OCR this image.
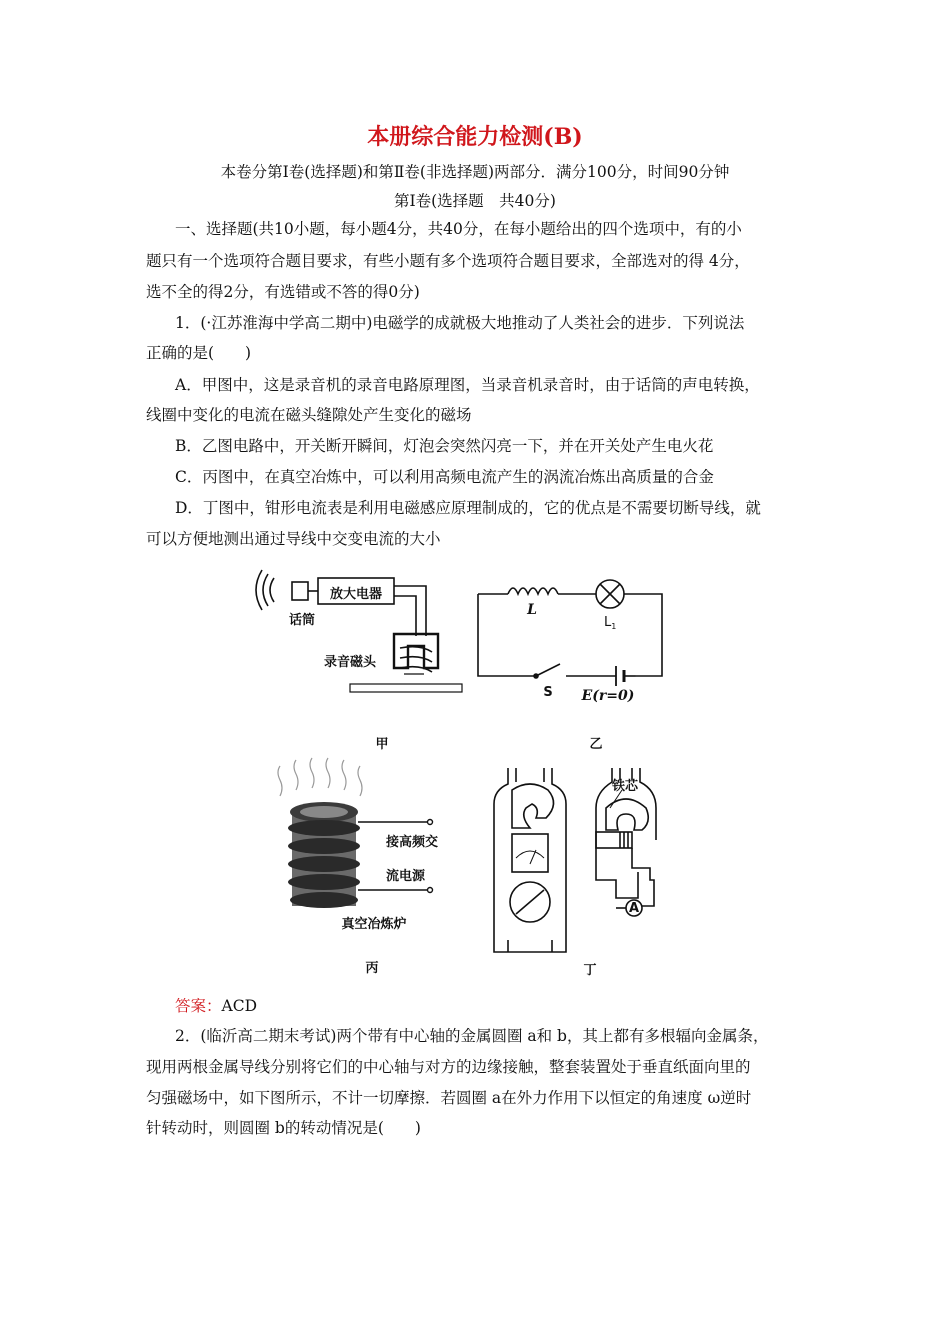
本册综合能力检测(B)
本卷分第Ⅰ卷(选择题)和第Ⅱ卷(非选择题)两部分．满分100分，时间90分钟
第Ⅰ卷(选择题　共40分)
一、选择题(共10小题，每小题4分，共40分，在每小题给出的四个选项中，有的小
题只有一个选项符合题目要求，有些小题有多个选项符合题目要求，全部选对的得 4分，
选不全的得2分，有选错或不答的得0分)
1．(·江苏淮海中学高二期中)电磁学的成就极大地推动了人类社会的进步．下列说法
正确的是(　　)
A．甲图中，这是录音机的录音电路原理图，当录音机录音时，由于话筒的声电转换，
线圈中变化的电流在磁头缝隙处产生变化的磁场
B．乙图电路中，开关断开瞬间，灯泡会突然闪亮一下，并在开关处产生电火花
C．丙图中，在真空冶炼中，可以利用高频电流产生的涡流冶炼出高质量的合金
D．丁图中，钳形电流表是利用电磁感应原理制成的，它的优点是不需要切断导线，就
可以方便地测出通过导线中交变电流的大小
放大电器
话筒
录音磁头
甲
L
$L_1$
S E(r=0)
乙
接高频交
流电源
真空冶炼炉
丙
铁芯
A
丁
答案：ACD
2．(临沂高二期末考试)两个带有中心轴的金属圆圈 a和 b，其上都有多根辐向金属条，
现用两根金属导线分别将它们的中心轴与对方的边缘接触，整套装置处于垂直纸面向里的
匀强磁场中，如下图所示，不计一切摩擦．若圆圈 a在外力作用下以恒定的角速度 ω逆时
针转动时，则圆圈 b的转动情况是(　　)
